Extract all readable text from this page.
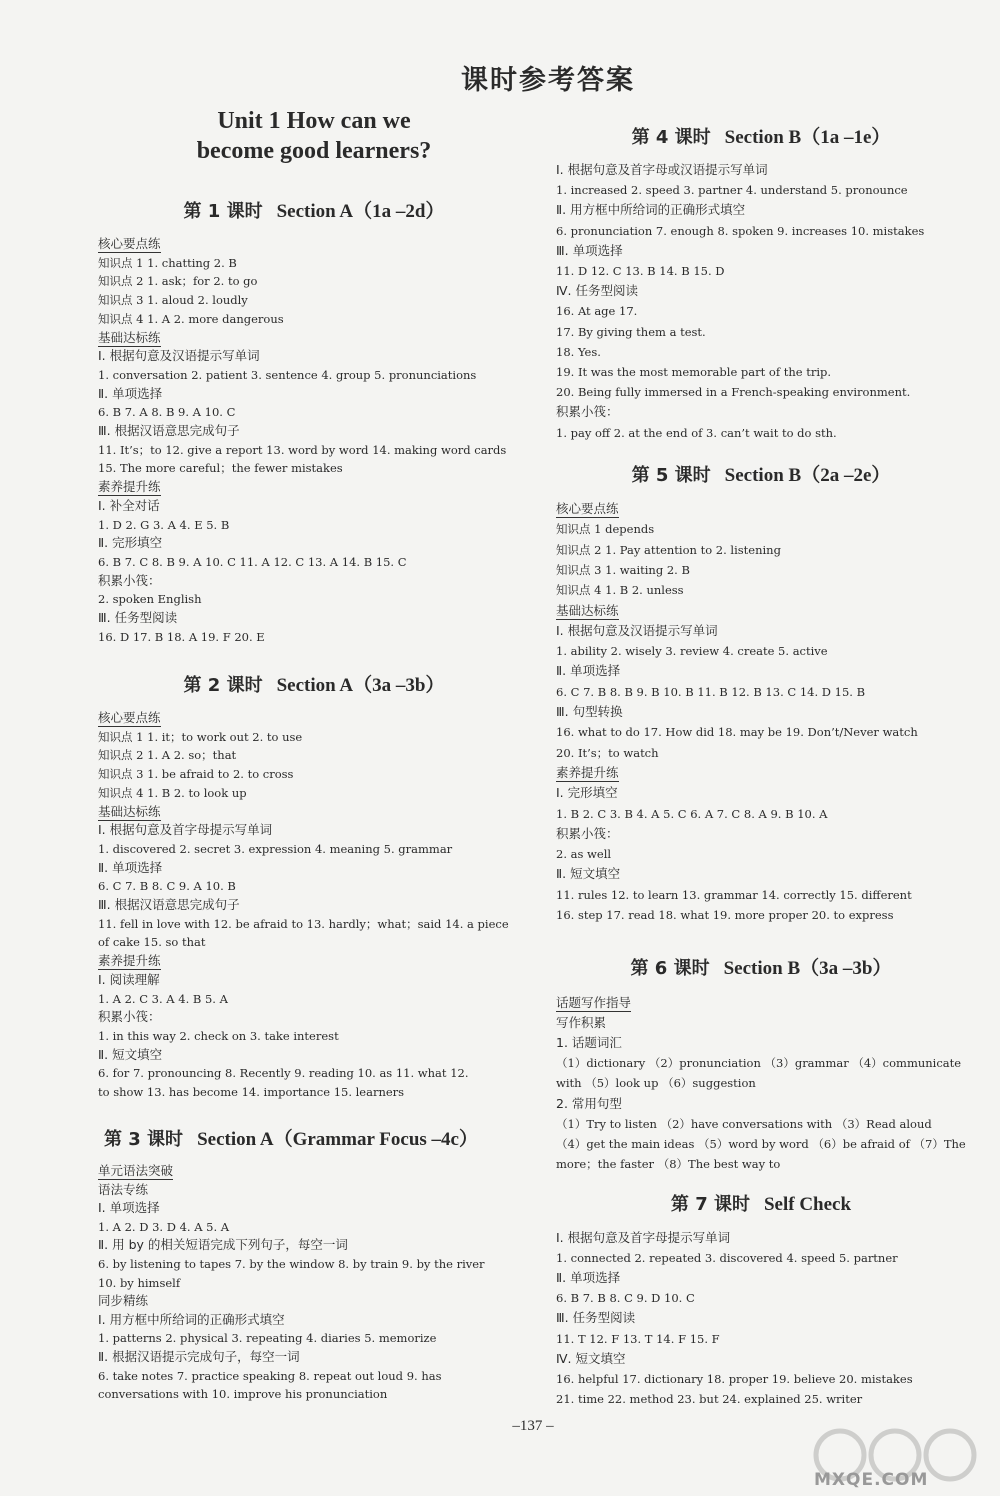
课时参考答案
Unit 1 How can we
become good learners?
第 1 课时 Section A（1a –2d）
核心要点练
知识点 1 1. chatting 2. B
知识点 2 1. ask；for 2. to go
知识点 3 1. aloud 2. loudly
知识点 4 1. A 2. more dangerous
基础达标练
Ⅰ. 根据句意及汉语提示写单词
1. conversation 2. patient 3. sentence 4. group 5. pronunciations
Ⅱ. 单项选择
6. B 7. A 8. B 9. A 10. C
Ⅲ. 根据汉语意思完成句子
11. It’s；to 12. give a report 13. word by word 14. making word cards
15. The more careful；the fewer mistakes
素养提升练
Ⅰ. 补全对话
1. D 2. G 3. A 4. E 5. B
Ⅱ. 完形填空
6. B 7. C 8. B 9. A 10. C 11. A 12. C 13. A 14. B 15. C
积累小筏：
2. spoken English
Ⅲ. 任务型阅读
16. D 17. B 18. A 19. F 20. E
第 2 课时 Section A（3a –3b）
核心要点练
知识点 1 1. it；to work out 2. to use
知识点 2 1. A 2. so；that
知识点 3 1. be afraid to 2. to cross
知识点 4 1. B 2. to look up
基础达标练
Ⅰ. 根据句意及首字母提示写单词
1. discovered 2. secret 3. expression 4. meaning 5. grammar
Ⅱ. 单项选择
6. C 7. B 8. C 9. A 10. B
Ⅲ. 根据汉语意思完成句子
11. fell in love with 12. be afraid to 13. hardly；what；said 14. a piece
of cake 15. so that
素养提升练
Ⅰ. 阅读理解
1. A 2. C 3. A 4. B 5. A
积累小筏：
1. in this way 2. check on 3. take interest
Ⅱ. 短文填空
6. for 7. pronouncing 8. Recently 9. reading 10. as 11. what 12.
to show 13. has become 14. importance 15. learners
第 3 课时 Section A（Grammar Focus –4c）
单元语法突破
语法专练
Ⅰ. 单项选择
1. A 2. D 3. D 4. A 5. A
Ⅱ. 用 by 的相关短语完成下列句子，每空一词
6. by listening to tapes 7. by the window 8. by train 9. by the river
10. by himself
同步精练
Ⅰ. 用方框中所给词的正确形式填空
1. patterns 2. physical 3. repeating 4. diaries 5. memorize
Ⅱ. 根据汉语提示完成句子，每空一词
6. take notes 7. practice speaking 8. repeat out loud 9. has
conversations with 10. improve his pronunciation
第 4 课时 Section B（1a –1e）
Ⅰ. 根据句意及首字母或汉语提示写单词
1. increased 2. speed 3. partner 4. understand 5. pronounce
Ⅱ. 用方框中所给词的正确形式填空
6. pronunciation 7. enough 8. spoken 9. increases 10. mistakes
Ⅲ. 单项选择
11. D 12. C 13. B 14. B 15. D
Ⅳ. 任务型阅读
16. At age 17.
17. By giving them a test.
18. Yes.
19. It was the most memorable part of the trip.
20. Being fully immersed in a French-speaking environment.
积累小筏：
1. pay off 2. at the end of 3. can’t wait to do sth.
第 5 课时 Section B（2a –2e）
核心要点练
知识点 1 depends
知识点 2 1. Pay attention to 2. listening
知识点 3 1. waiting 2. B
知识点 4 1. B 2. unless
基础达标练
Ⅰ. 根据句意及汉语提示写单词
1. ability 2. wisely 3. review 4. create 5. active
Ⅱ. 单项选择
6. C 7. B 8. B 9. B 10. B 11. B 12. B 13. C 14. D 15. B
Ⅲ. 句型转换
16. what to do 17. How did 18. may be 19. Don’t/Never watch
20. It’s；to watch
素养提升练
Ⅰ. 完形填空
1. B 2. C 3. B 4. A 5. C 6. A 7. C 8. A 9. B 10. A
积累小筏：
2. as well
Ⅱ. 短文填空
11. rules 12. to learn 13. grammar 14. correctly 15. different
16. step 17. read 18. what 19. more proper 20. to express
第 6 课时 Section B（3a –3b）
话题写作指导
写作积累
1. 话题词汇
（1）dictionary （2）pronunciation （3）grammar （4）communicate
with （5）look up （6）suggestion
2. 常用句型
（1）Try to listen （2）have conversations with （3）Read aloud
（4）get the main ideas （5）word by word （6）be afraid of （7）The
more；the faster （8）The best way to
第 7 课时 Self Check
Ⅰ. 根据句意及首字母提示写单词
1. connected 2. repeated 3. discovered 4. speed 5. partner
Ⅱ. 单项选择
6. B 7. B 8. C 9. D 10. C
Ⅲ. 任务型阅读
11. T 12. F 13. T 14. F 15. F
Ⅳ. 短文填空
16. helpful 17. dictionary 18. proper 19. believe 20. mistakes
21. time 22. method 23. but 24. explained 25. writer
–137 –
MXQE.COM
